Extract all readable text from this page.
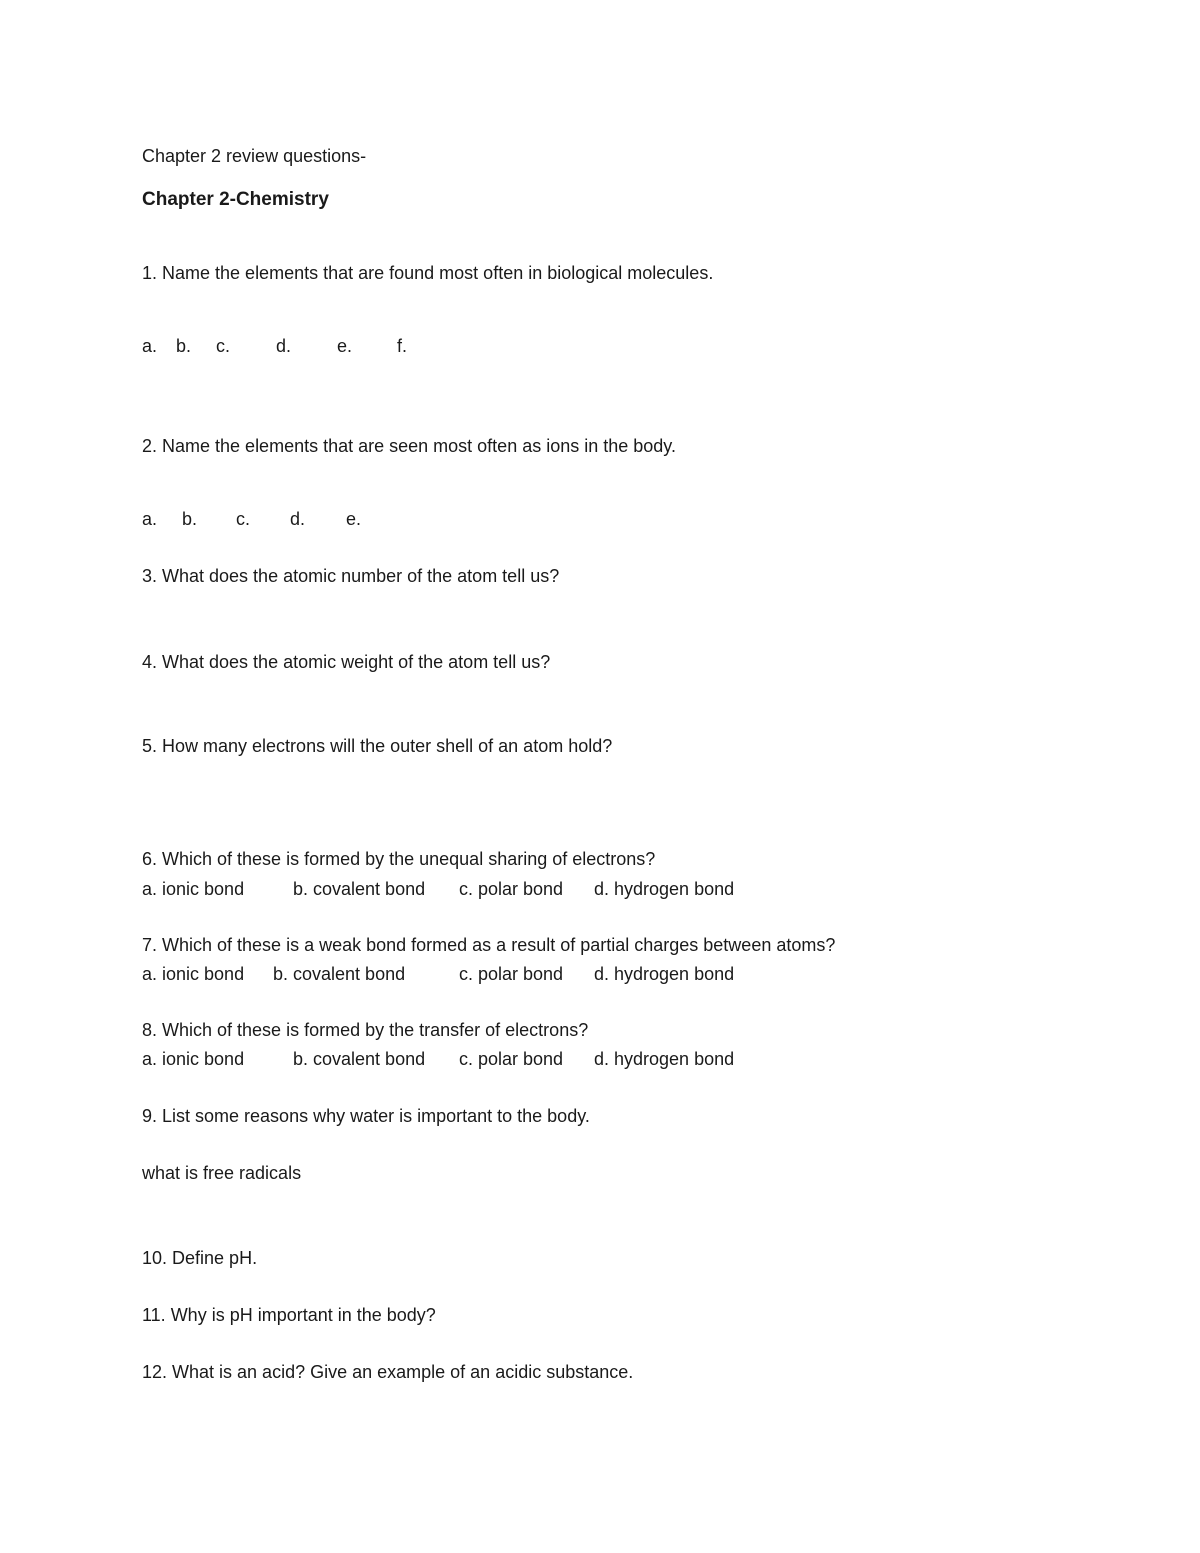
Chapter 2 review questions-
Chapter 2-Chemistry
1. Name the elements that are found most often in biological molecules.
a. b. c.	d.	e. f.
2. Name the elements that are seen most often as ions in the body.
a. b. c. d. e.
3. What does the atomic number of the atom tell us?
4. What does the atomic weight of the atom tell us?
5. How many electrons will the outer shell of an atom hold?
6. Which of these is formed by the unequal sharing of electrons?
a. ionic bond	b. covalent bond c. polar bond d. hydrogen bond
7. Which of these is a weak bond formed as a result of partial charges between atoms?
a. ionic bond b. covalent bond	c. polar bond d. hydrogen bond
8. Which of these is formed by the transfer of electrons?
a. ionic bond	b. covalent bond c. polar bond d. hydrogen bond
9. List some reasons why water is important to the body.
what is free radicals
10. Define pH.
11. Why is pH important in the body?
12. What is an acid? Give an example of an acidic substance.
